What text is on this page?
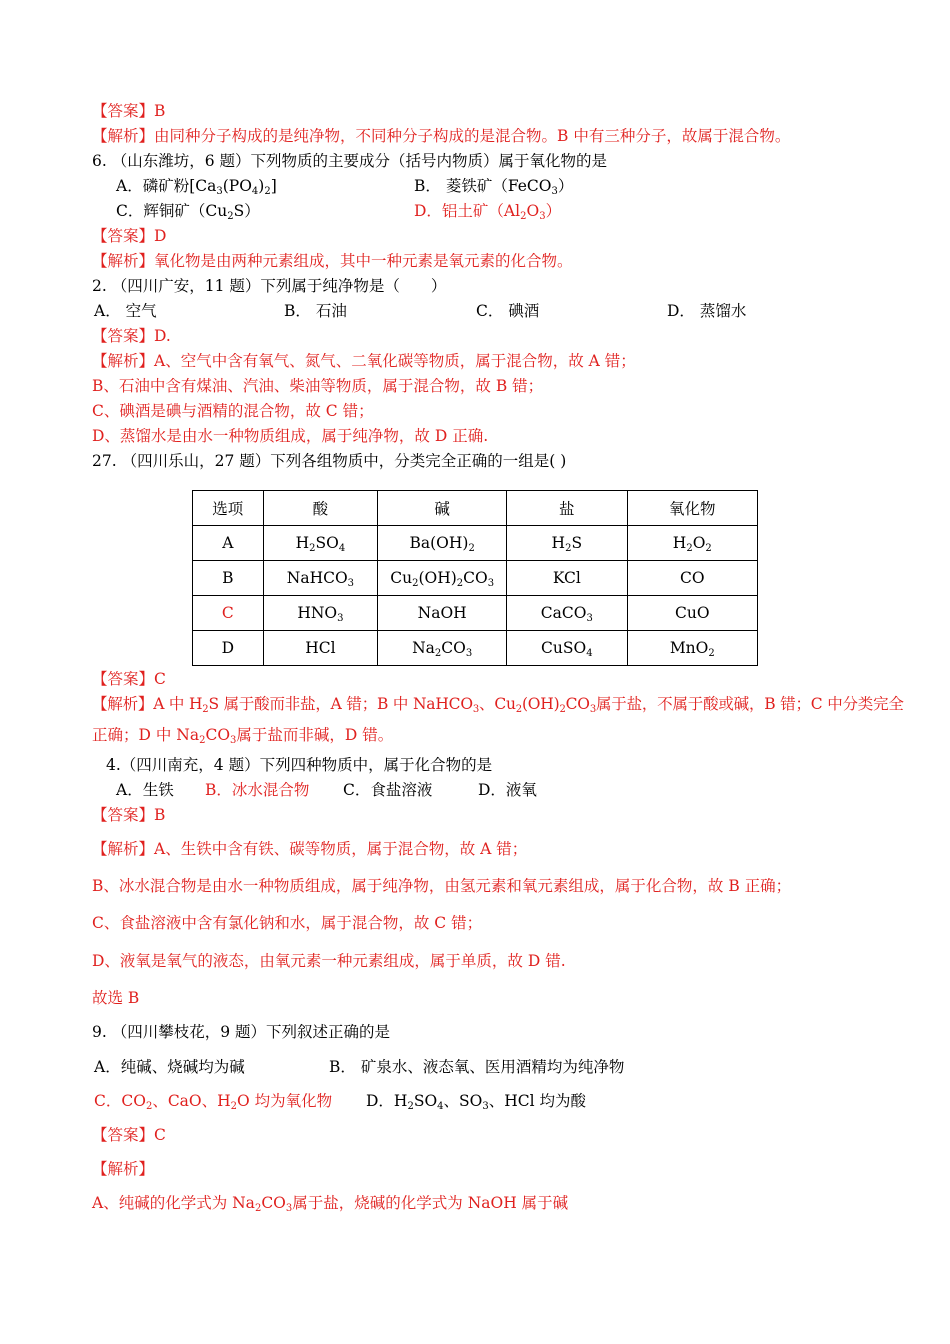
【答案】B
【解析】由同种分子构成的是纯净物，不同种分子构成的是混合物。B 中有三种分子，故属于混合物。
6. （山东潍坊，6 题）下列物质的主要成分（括号内物质）属于氧化物的是
A．磷矿粉$[Ca_3(PO_4)_2]$	B． 菱铁矿（FeCO$_3$）
C．辉铜矿$(Cu_2S)$	D．铝土矿$(Al_2O_3)$
【答案】D
【解析】氧化物是由两种元素组成，其中一种元素是氧元素的化合物。
2. （四川广安，11 题）下列属于纯净物是（　　）
A． 空气	B． 石油	C． 碘酒	D． 蒸馏水
【答案】D.
【解析】A、空气中含有氧气、氮气、二氧化碳等物质，属于混合物，故 A 错；
B、石油中含有煤油、汽油、柴油等物质，属于混合物，故 B 错；
C、碘酒是碘与酒精的混合物，故 C 错；
D、蒸馏水是由水一种物质组成，属于纯净物，故 D 正确.
27. （四川乐山，27 题）下列各组物质中，分类完全正确的一组是( )
选项	酸	碱	盐	氧化物
A	$H_2SO_4$	$Ba(OH)_2$	$H_2S$	$H_2O_2$
B	NaHCO$_3$	$Cu_2(OH)_2CO_3$	KCl	CO
C	$HNO_3$	NaOH	CaCO$_3$	CuO
D	HCl	$Na_2CO_3$	CuSO$_4$	MnO$_2$
【答案】C
【解析】A 中 $H_2S$ 属于酸而非盐，A 错；B 中 NaHCO$_3$、$Cu_2(OH)_2CO_3$属于盐，不属于酸或碱，B 错；C 中分类完全
正确；D 中 $Na_2CO_3$属于盐而非碱，D 错。
4.（四川南充，4 题）下列四种物质中，属于化合物的是
A．生铁 B．冰水混合物 C．食盐溶液	D．液氧
【答案】B
【解析】A、生铁中含有铁、碳等物质，属于混合物，故 A 错；
B、冰水混合物是由水一种物质组成，属于纯净物，由氢元素和氧元素组成，属于化合物，故 B 正确；
C、食盐溶液中含有氯化钠和水，属于混合物，故 C 错；
D、液氧是氧气的液态，由氧元素一种元素组成，属于单质，故 D 错.
故选 B
9. （四川攀枝花，9 题）下列叙述正确的是
A．纯碱、烧碱均为碱	B． 矿泉水、液态氧、医用酒精均为纯净物
C．$CO_2$、CaO、$H_2O$ 均为氧化物 D．$H_2SO_4$、$SO_3$、HCl 均为酸
【答案】C
【解析】
A、纯碱的化学式为 $Na_2CO_3$属于盐，烧碱的化学式为 NaOH 属于碱
